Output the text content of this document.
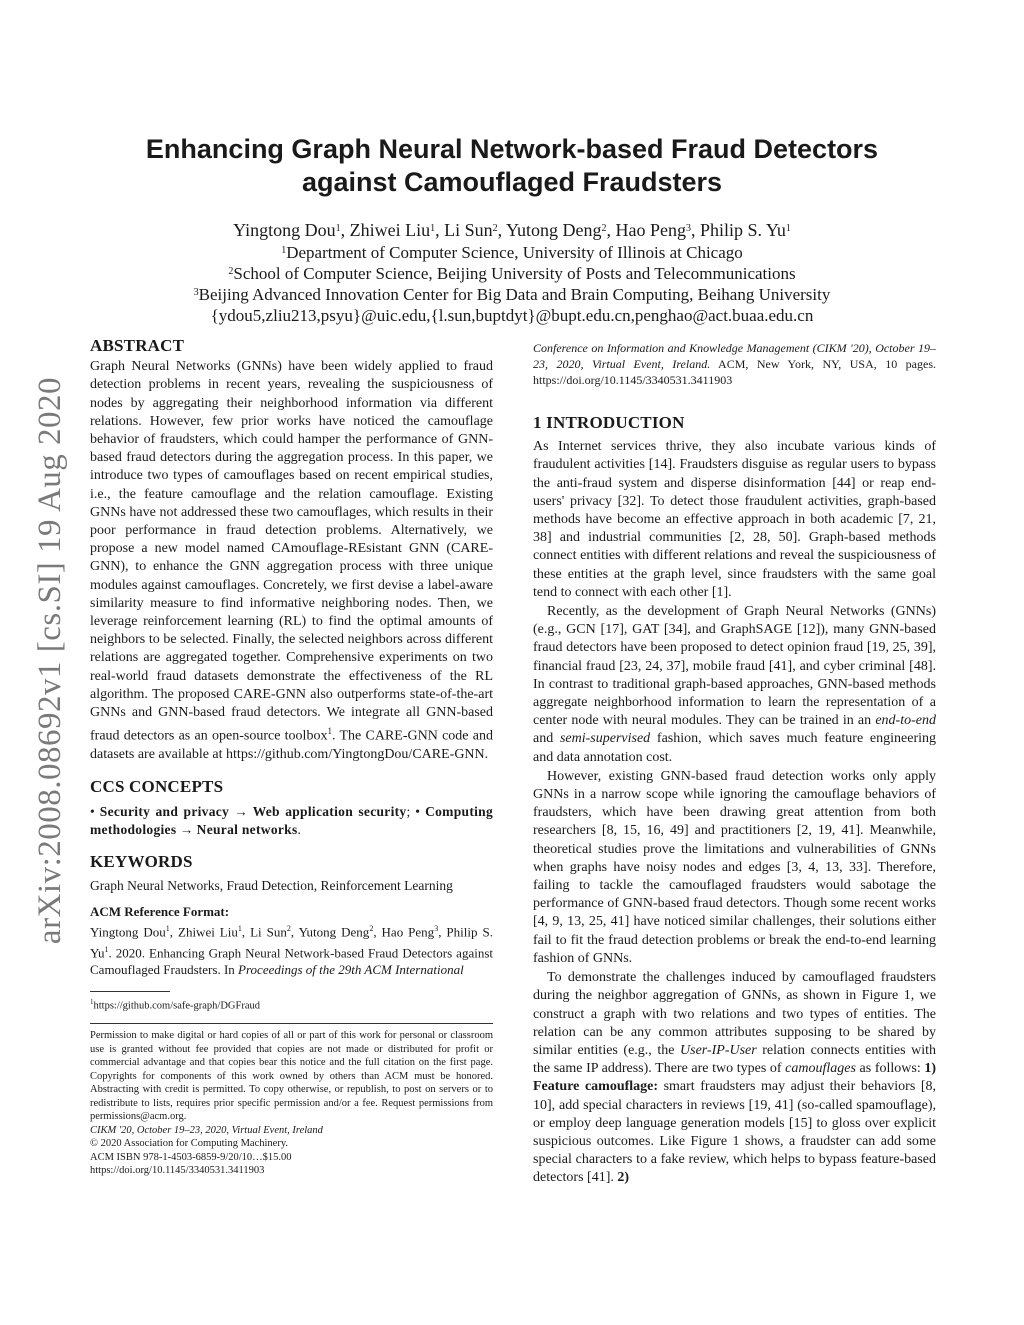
arXiv:2008.08692v1 [cs.SI] 19 Aug 2020
Enhancing Graph Neural Network-based Fraud Detectors
against Camouflaged Fraudsters
Yingtong Dou$^1$, Zhiwei Liu$^1$, Li Sun$^2$, Yutong Deng$^2$, Hao Peng$^3$, Philip S. Yu$^1$
$^1$Department of Computer Science, University of Illinois at Chicago
$^2$School of Computer Science, Beijing University of Posts and Telecommunications
$^3$Beijing Advanced Innovation Center for Big Data and Brain Computing, Beihang University
{ydou5,zliu213,psyu}@uic.edu,{l.sun,buptdyt}@bupt.edu.cn,penghao@act.buaa.edu.cn
ABSTRACT

Graph Neural Networks (GNNs) have been widely applied to fraud detection problems in recent years, revealing the suspiciousness of nodes by aggregating their neighborhood information via different relations. However, few prior works have noticed the camouflage behavior of fraudsters, which could hamper the performance of GNN-based fraud detectors during the aggregation process. In this paper, we introduce two types of camouflages based on recent empirical studies, i.e., the feature camouflage and the relation camouflage. Existing GNNs have not addressed these two camouflages, which results in their poor performance in fraud detection problems. Alternatively, we propose a new model named CAmouflage-REsistant GNN (CARE-GNN), to enhance the GNN aggregation process with three unique modules against camouflages. Concretely, we first devise a label-aware similarity measure to find informative neighboring nodes. Then, we leverage reinforcement learning (RL) to find the optimal amounts of neighbors to be selected. Finally, the selected neighbors across different relations are aggregated together. Comprehensive experiments on two real-world fraud datasets demonstrate the effectiveness of the RL algorithm. The proposed CARE-GNN also outperforms state-of-the-art GNNs and GNN-based fraud detectors. We integrate all GNN-based fraud detectors as an open-source toolbox$^1$. The CARE-GNN code and datasets are available at https://github.com/YingtongDou/CARE-GNN.

CCS CONCEPTS

• Security and privacy → Web application security; • Computing methodologies → Neural networks.

KEYWORDS

Graph Neural Networks, Fraud Detection, Reinforcement Learning

ACM Reference Format:

Yingtong Dou$^1$, Zhiwei Liu$^1$, Li Sun$^2$, Yutong Deng$^2$, Hao Peng$^3$, Philip S. Yu$^1$. 2020. Enhancing Graph Neural Network-based Fraud Detectors against Camouflaged Fraudsters. In Proceedings of the 29th ACM International

$^1$https://github.com/safe-graph/DGFraud

Permission to make digital or hard copies of all or part of this work for personal or classroom use is granted without fee provided that copies are not made or distributed for profit or commercial advantage and that copies bear this notice and the full citation on the first page. Copyrights for components of this work owned by others than ACM must be honored. Abstracting with credit is permitted. To copy otherwise, or republish, to post on servers or to redistribute to lists, requires prior specific permission and/or a fee. Request permissions from permissions@acm.org.

CIKM '20, October 19–23, 2020, Virtual Event, Ireland

© 2020 Association for Computing Machinery.

ACM ISBN 978-1-4503-6859-9/20/10…$15.00

https://doi.org/10.1145/3340531.3411903

Conference on Information and Knowledge Management (CIKM '20), October 19–23, 2020, Virtual Event, Ireland. ACM, New York, NY, USA, 10 pages. https://doi.org/10.1145/3340531.3411903

1 INTRODUCTION

As Internet services thrive, they also incubate various kinds of fraudulent activities [14]. Fraudsters disguise as regular users to bypass the anti-fraud system and disperse disinformation [44] or reap end-users' privacy [32]. To detect those fraudulent activities, graph-based methods have become an effective approach in both academic [7, 21, 38] and industrial communities [2, 28, 50]. Graph-based methods connect entities with different relations and reveal the suspiciousness of these entities at the graph level, since fraudsters with the same goal tend to connect with each other [1].

Recently, as the development of Graph Neural Networks (GNNs) (e.g., GCN [17], GAT [34], and GraphSAGE [12]), many GNN-based fraud detectors have been proposed to detect opinion fraud [19, 25, 39], financial fraud [23, 24, 37], mobile fraud [41], and cyber criminal [48]. In contrast to traditional graph-based approaches, GNN-based methods aggregate neighborhood information to learn the representation of a center node with neural modules. They can be trained in an end-to-end and semi-supervised fashion, which saves much feature engineering and data annotation cost.

However, existing GNN-based fraud detection works only apply GNNs in a narrow scope while ignoring the camouflage behaviors of fraudsters, which have been drawing great attention from both researchers [8, 15, 16, 49] and practitioners [2, 19, 41]. Meanwhile, theoretical studies prove the limitations and vulnerabilities of GNNs when graphs have noisy nodes and edges [3, 4, 13, 33]. Therefore, failing to tackle the camouflaged fraudsters would sabotage the performance of GNN-based fraud detectors. Though some recent works [4, 9, 13, 25, 41] have noticed similar challenges, their solutions either fail to fit the fraud detection problems or break the end-to-end learning fashion of GNNs.

To demonstrate the challenges induced by camouflaged fraudsters during the neighbor aggregation of GNNs, as shown in Figure 1, we construct a graph with two relations and two types of entities. The relation can be any common attributes supposing to be shared by similar entities (e.g., the User-IP-User relation connects entities with the same IP address). There are two types of camouflages as follows: 1) Feature camouflage: smart fraudsters may adjust their behaviors [8, 10], add special characters in reviews [19, 41] (so-called spamouflage), or employ deep language generation models [15] to gloss over explicit suspicious outcomes. Like Figure 1 shows, a fraudster can add some special characters to a fake review, which helps to bypass feature-based detectors [41]. 2)
